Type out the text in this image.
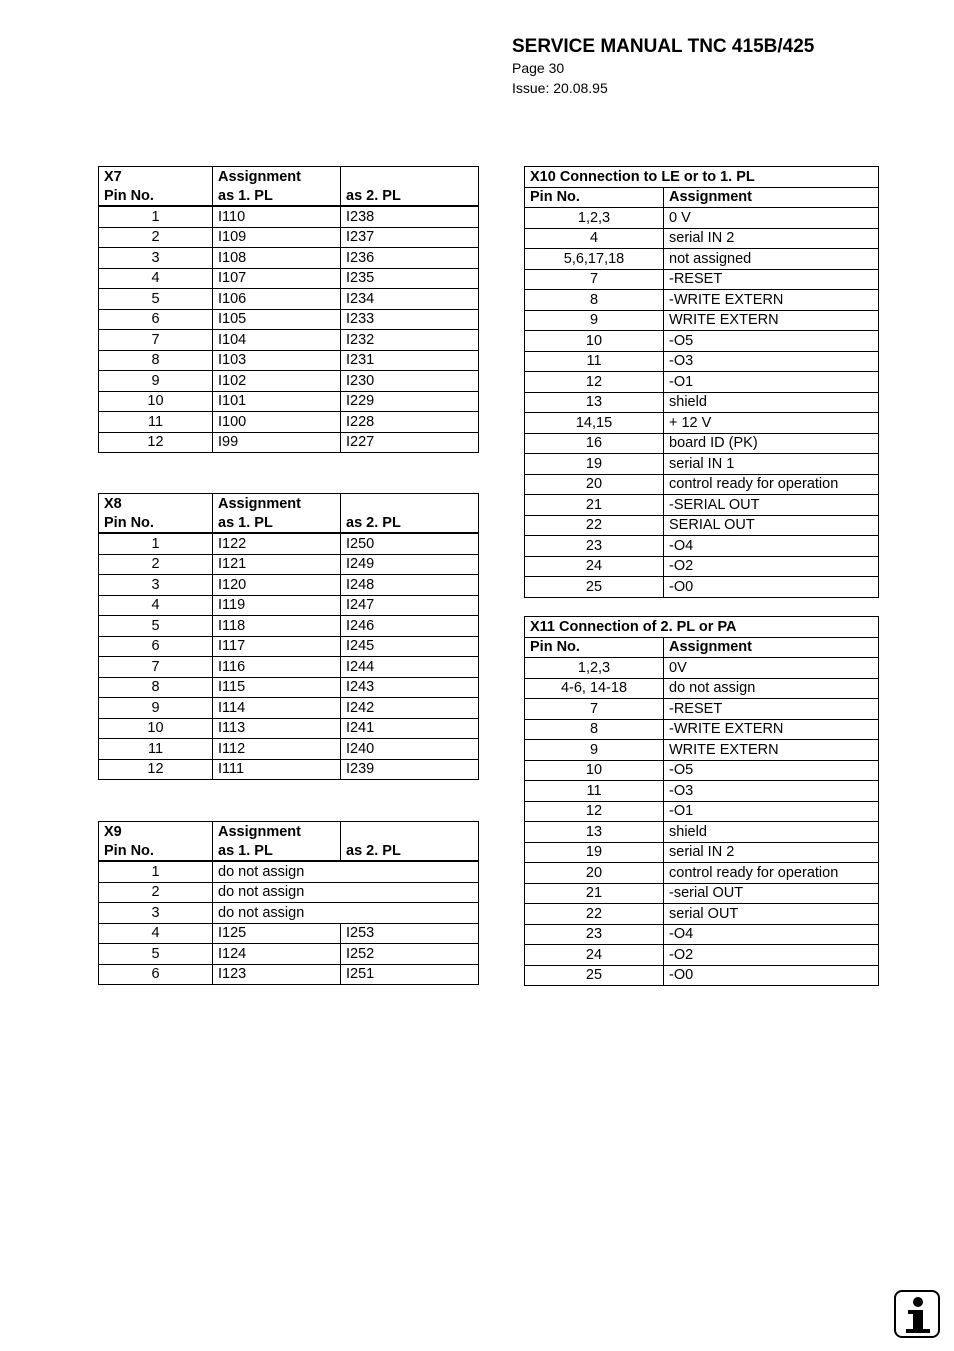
SERVICE MANUAL TNC 415B/425
Page 30
Issue: 20.08.95
X7	Assignment	
Pin No.	as 1. PL	as 2. PL
1	I110	I238
2	I109	I237
3	I108	I236
4	I107	I235
5	I106	I234
6	I105	I233
7	I104	I232
8	I103	I231
9	I102	I230
10	I101	I229
11	I100	I228
12	I99	I227
X8	Assignment	
Pin No.	as 1. PL	as 2. PL
1	I122	I250
2	I121	I249
3	I120	I248
4	I119	I247
5	I118	I246
6	I117	I245
7	I116	I244
8	I115	I243
9	I114	I242
10	I113	I241
11	I112	I240
12	I111	I239
X9	Assignment	
Pin No.	as 1. PL	as 2. PL
1	do not assign	
2	do not assign	
3	do not assign	
4	I125	I253
5	I124	I252
6	I123	I251
X10 Connection to LE or to 1. PL	
Pin No.	Assignment
1,2,3	0 V
4	serial IN 2
5,6,17,18	not assigned
7	-RESET
8	-WRITE EXTERN
9	WRITE EXTERN
10	-O5
11	-O3
12	-O1
13	shield
14,15	+ 12 V
16	board ID (PK)
19	serial IN 1
20	control ready for operation
21	-SERIAL OUT
22	SERIAL OUT
23	-O4
24	-O2
25	-O0
X11 Connection of 2. PL or PA	
Pin No.	Assignment
1,2,3	0V
4-6, 14-18	do not assign
7	-RESET
8	-WRITE EXTERN
9	WRITE EXTERN
10	-O5
11	-O3
12	-O1
13	shield
19	serial IN 2
20	control ready for operation
21	-serial OUT
22	serial OUT
23	-O4
24	-O2
25	-O0
